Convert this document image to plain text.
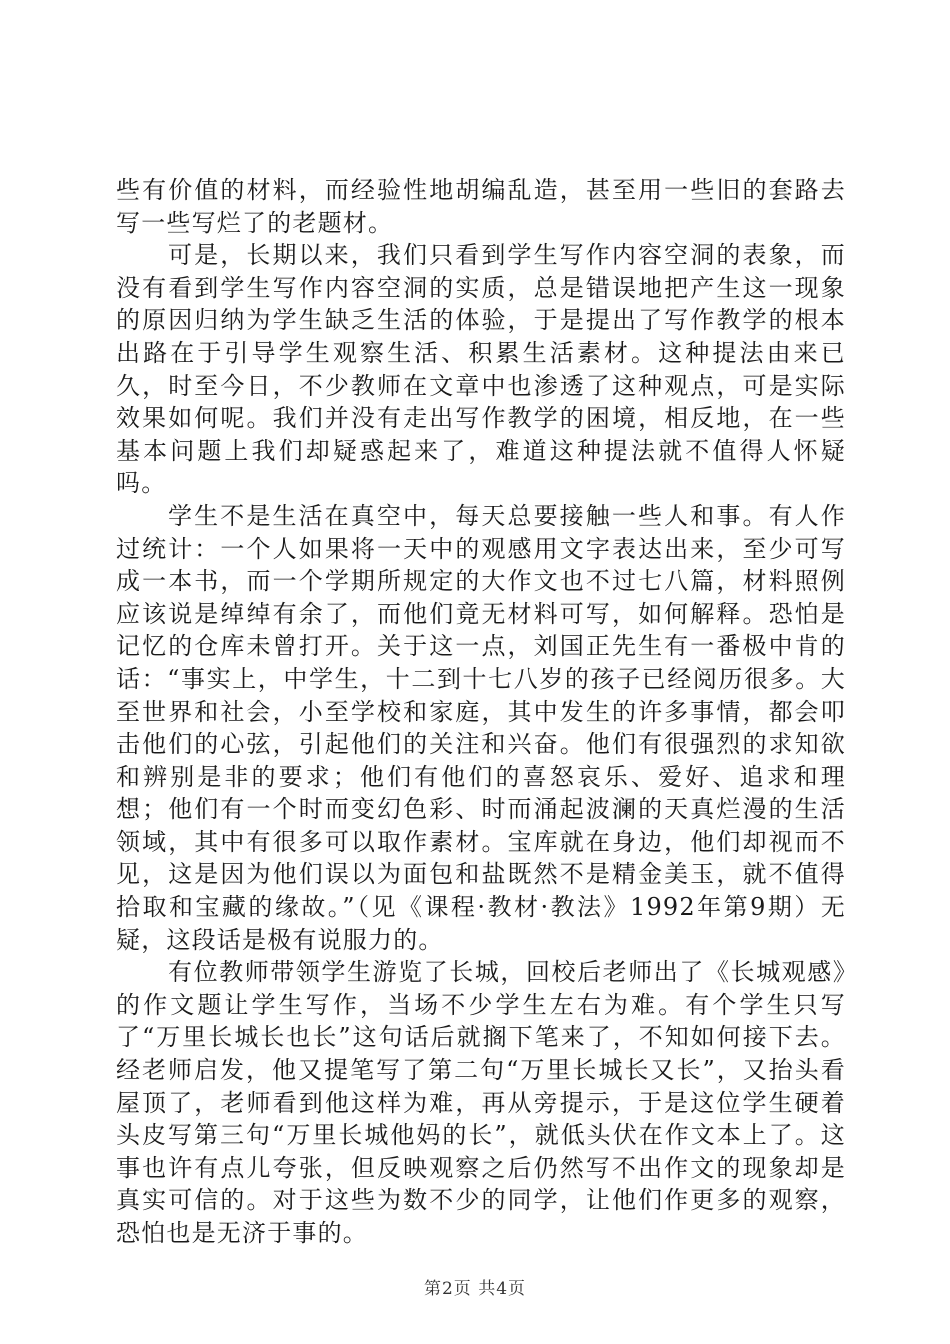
些有价值的材料，而经验性地胡编乱造，甚至用一些旧的套路去写一些写烂了的老题材。

可是，长期以来，我们只看到学生写作内容空洞的表象，而没有看到学生写作内容空洞的实质，总是错误地把产生这一现象的原因归纳为学生缺乏生活的体验，于是提出了写作教学的根本出路在于引导学生观察生活、积累生活素材。这种提法由来已久，时至今日，不少教师在文章中也渗透了这种观点，可是实际效果如何呢。我们并没有走出写作教学的困境，相反地，在一些基本问题上我们却疑惑起来了，难道这种提法就不值得人怀疑吗。

学生不是生活在真空中，每天总要接触一些人和事。有人作过统计：一个人如果将一天中的观感用文字表达出来，至少可写成一本书，而一个学期所规定的大作文也不过七八篇，材料照例应该说是绰绰有余了，而他们竟无材料可写，如何解释。恐怕是记忆的仓库未曾打开。关于这一点，刘国正先生有一番极中肯的话：“事实上，中学生，十二到十七八岁的孩子已经阅历很多。大至世界和社会，小至学校和家庭，其中发生的许多事情，都会叩击他们的心弦，引起他们的关注和兴奋。他们有很强烈的求知欲和辨别是非的要求；他们有他们的喜怒哀乐、爱好、追求和理想；他们有一个时而变幻色彩、时而涌起波澜的天真烂漫的生活领域，其中有很多可以取作素材。宝库就在身边，他们却视而不见，这是因为他们误以为面包和盐既然不是精金美玉，就不值得拾取和宝藏的缘故。”（见《课程·教材·教法》1992年第9期）无疑，这段话是极有说服力的。

有位教师带领学生游览了长城，回校后老师出了《长城观感》的作文题让学生写作，当场不少学生左右为难。有个学生只写了“万里长城长也长”这句话后就搁下笔来了，不知如何接下去。经老师启发，他又提笔写了第二句“万里长城长又长”，又抬头看屋顶了，老师看到他这样为难，再从旁提示，于是这位学生硬着头皮写第三句“万里长城他妈的长”，就低头伏在作文本上了。这事也许有点儿夸张，但反映观察之后仍然写不出作文的现象却是真实可信的。对于这些为数不少的同学，让他们作更多的观察，恐怕也是无济于事的。

第2页 共4页
